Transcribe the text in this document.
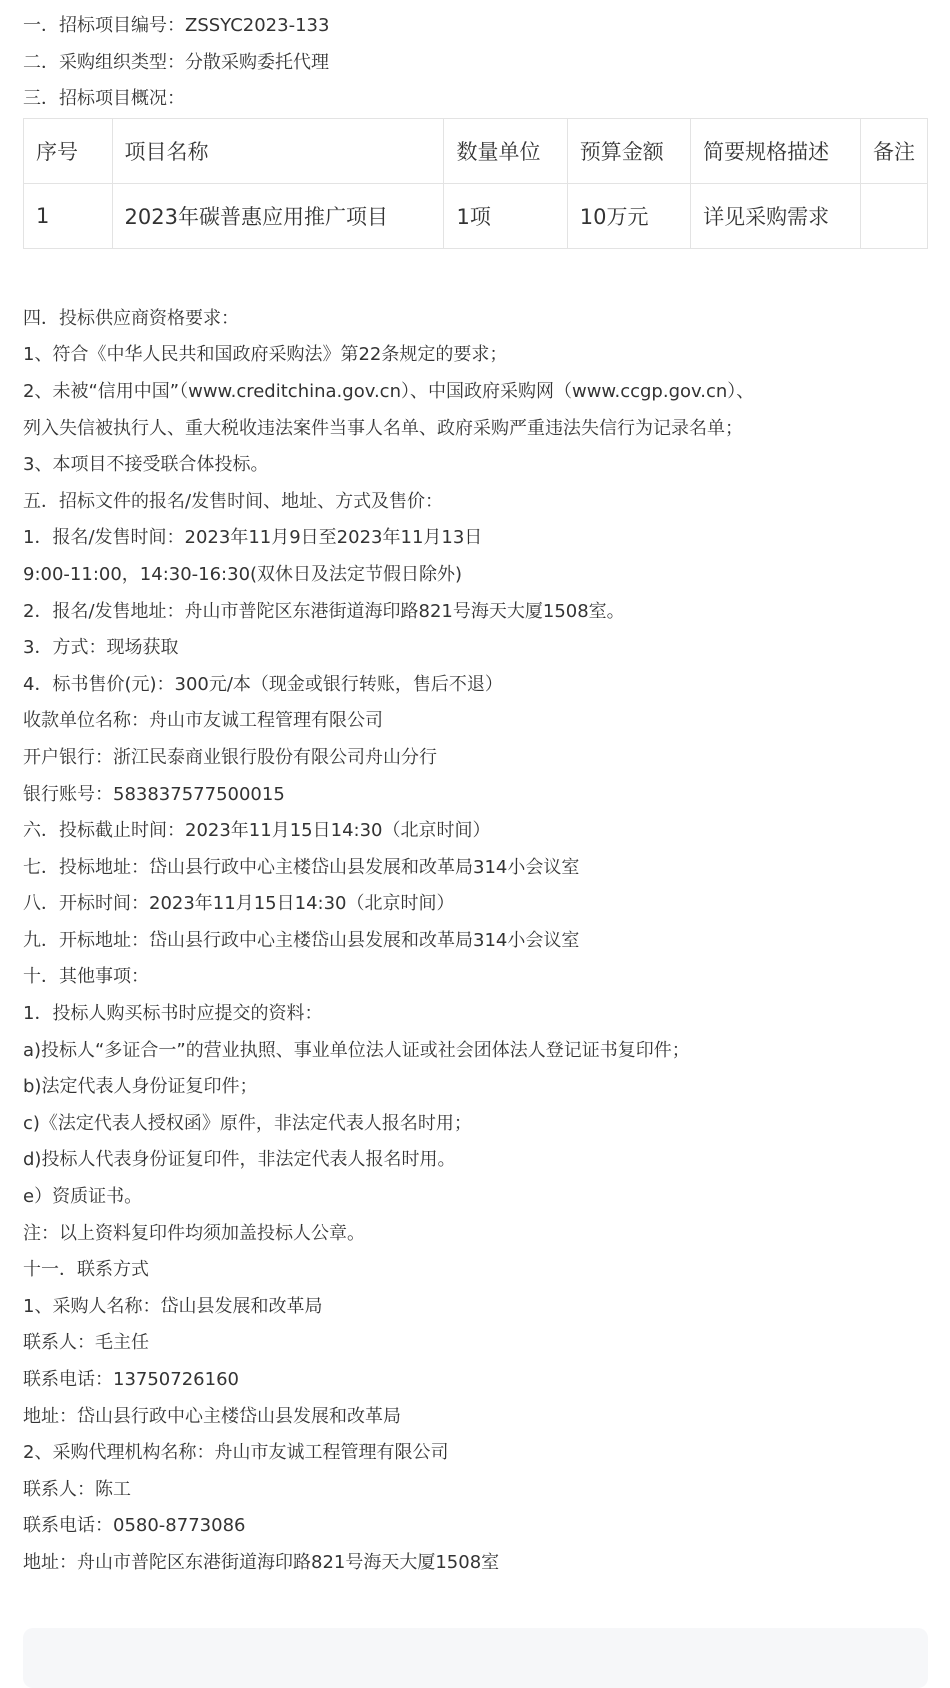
一．招标项目编号：ZSSYC2023-133
二．采购组织类型：分散采购委托代理
三．招标项目概况：
序号	项目名称	数量单位	预算金额	简要规格描述	备注
1	2023年碳普惠应用推广项目	1项	10万元	详见采购需求	
四．投标供应商资格要求：
1、符合《中华人民共和国政府采购法》第22条规定的要求；
2、未被“信用中国”（www.creditchina.gov.cn）、中国政府采购网（www.ccgp.gov.cn）、
列入失信被执行人、重大税收违法案件当事人名单、政府采购严重违法失信行为记录名单；
3、本项目不接受联合体投标。
五．招标文件的报名/发售时间、地址、方式及售价：
1．报名/发售时间：2023年11月9日至2023年11月13日
9:00-11:00，14:30-16:30(双休日及法定节假日除外)
2．报名/发售地址：舟山市普陀区东港街道海印路821号海天大厦1508室。
3．方式：现场获取
4．标书售价(元)：300元/本（现金或银行转账，售后不退）
收款单位名称：舟山市友诚工程管理有限公司
开户银行：浙江民泰商业银行股份有限公司舟山分行
银行账号：583837577500015
六．投标截止时间：2023年11月15日14:30（北京时间）
七．投标地址：岱山县行政中心主楼岱山县发展和改革局314小会议室
八．开标时间：2023年11月15日14:30（北京时间）
九．开标地址：岱山县行政中心主楼岱山县发展和改革局314小会议室
十．其他事项：
1．投标人购买标书时应提交的资料：
a)投标人“多证合一”的营业执照、事业单位法人证或社会团体法人登记证书复印件；
b)法定代表人身份证复印件；
c)《法定代表人授权函》原件，非法定代表人报名时用；
d)投标人代表身份证复印件，非法定代表人报名时用。
e）资质证书。
注：以上资料复印件均须加盖投标人公章。
十一．联系方式
1、采购人名称：岱山县发展和改革局
联系人：毛主任
联系电话：13750726160
地址：岱山县行政中心主楼岱山县发展和改革局
2、采购代理机构名称：舟山市友诚工程管理有限公司
联系人：陈工
联系电话：0580-8773086
地址：舟山市普陀区东港街道海印路821号海天大厦1508室
